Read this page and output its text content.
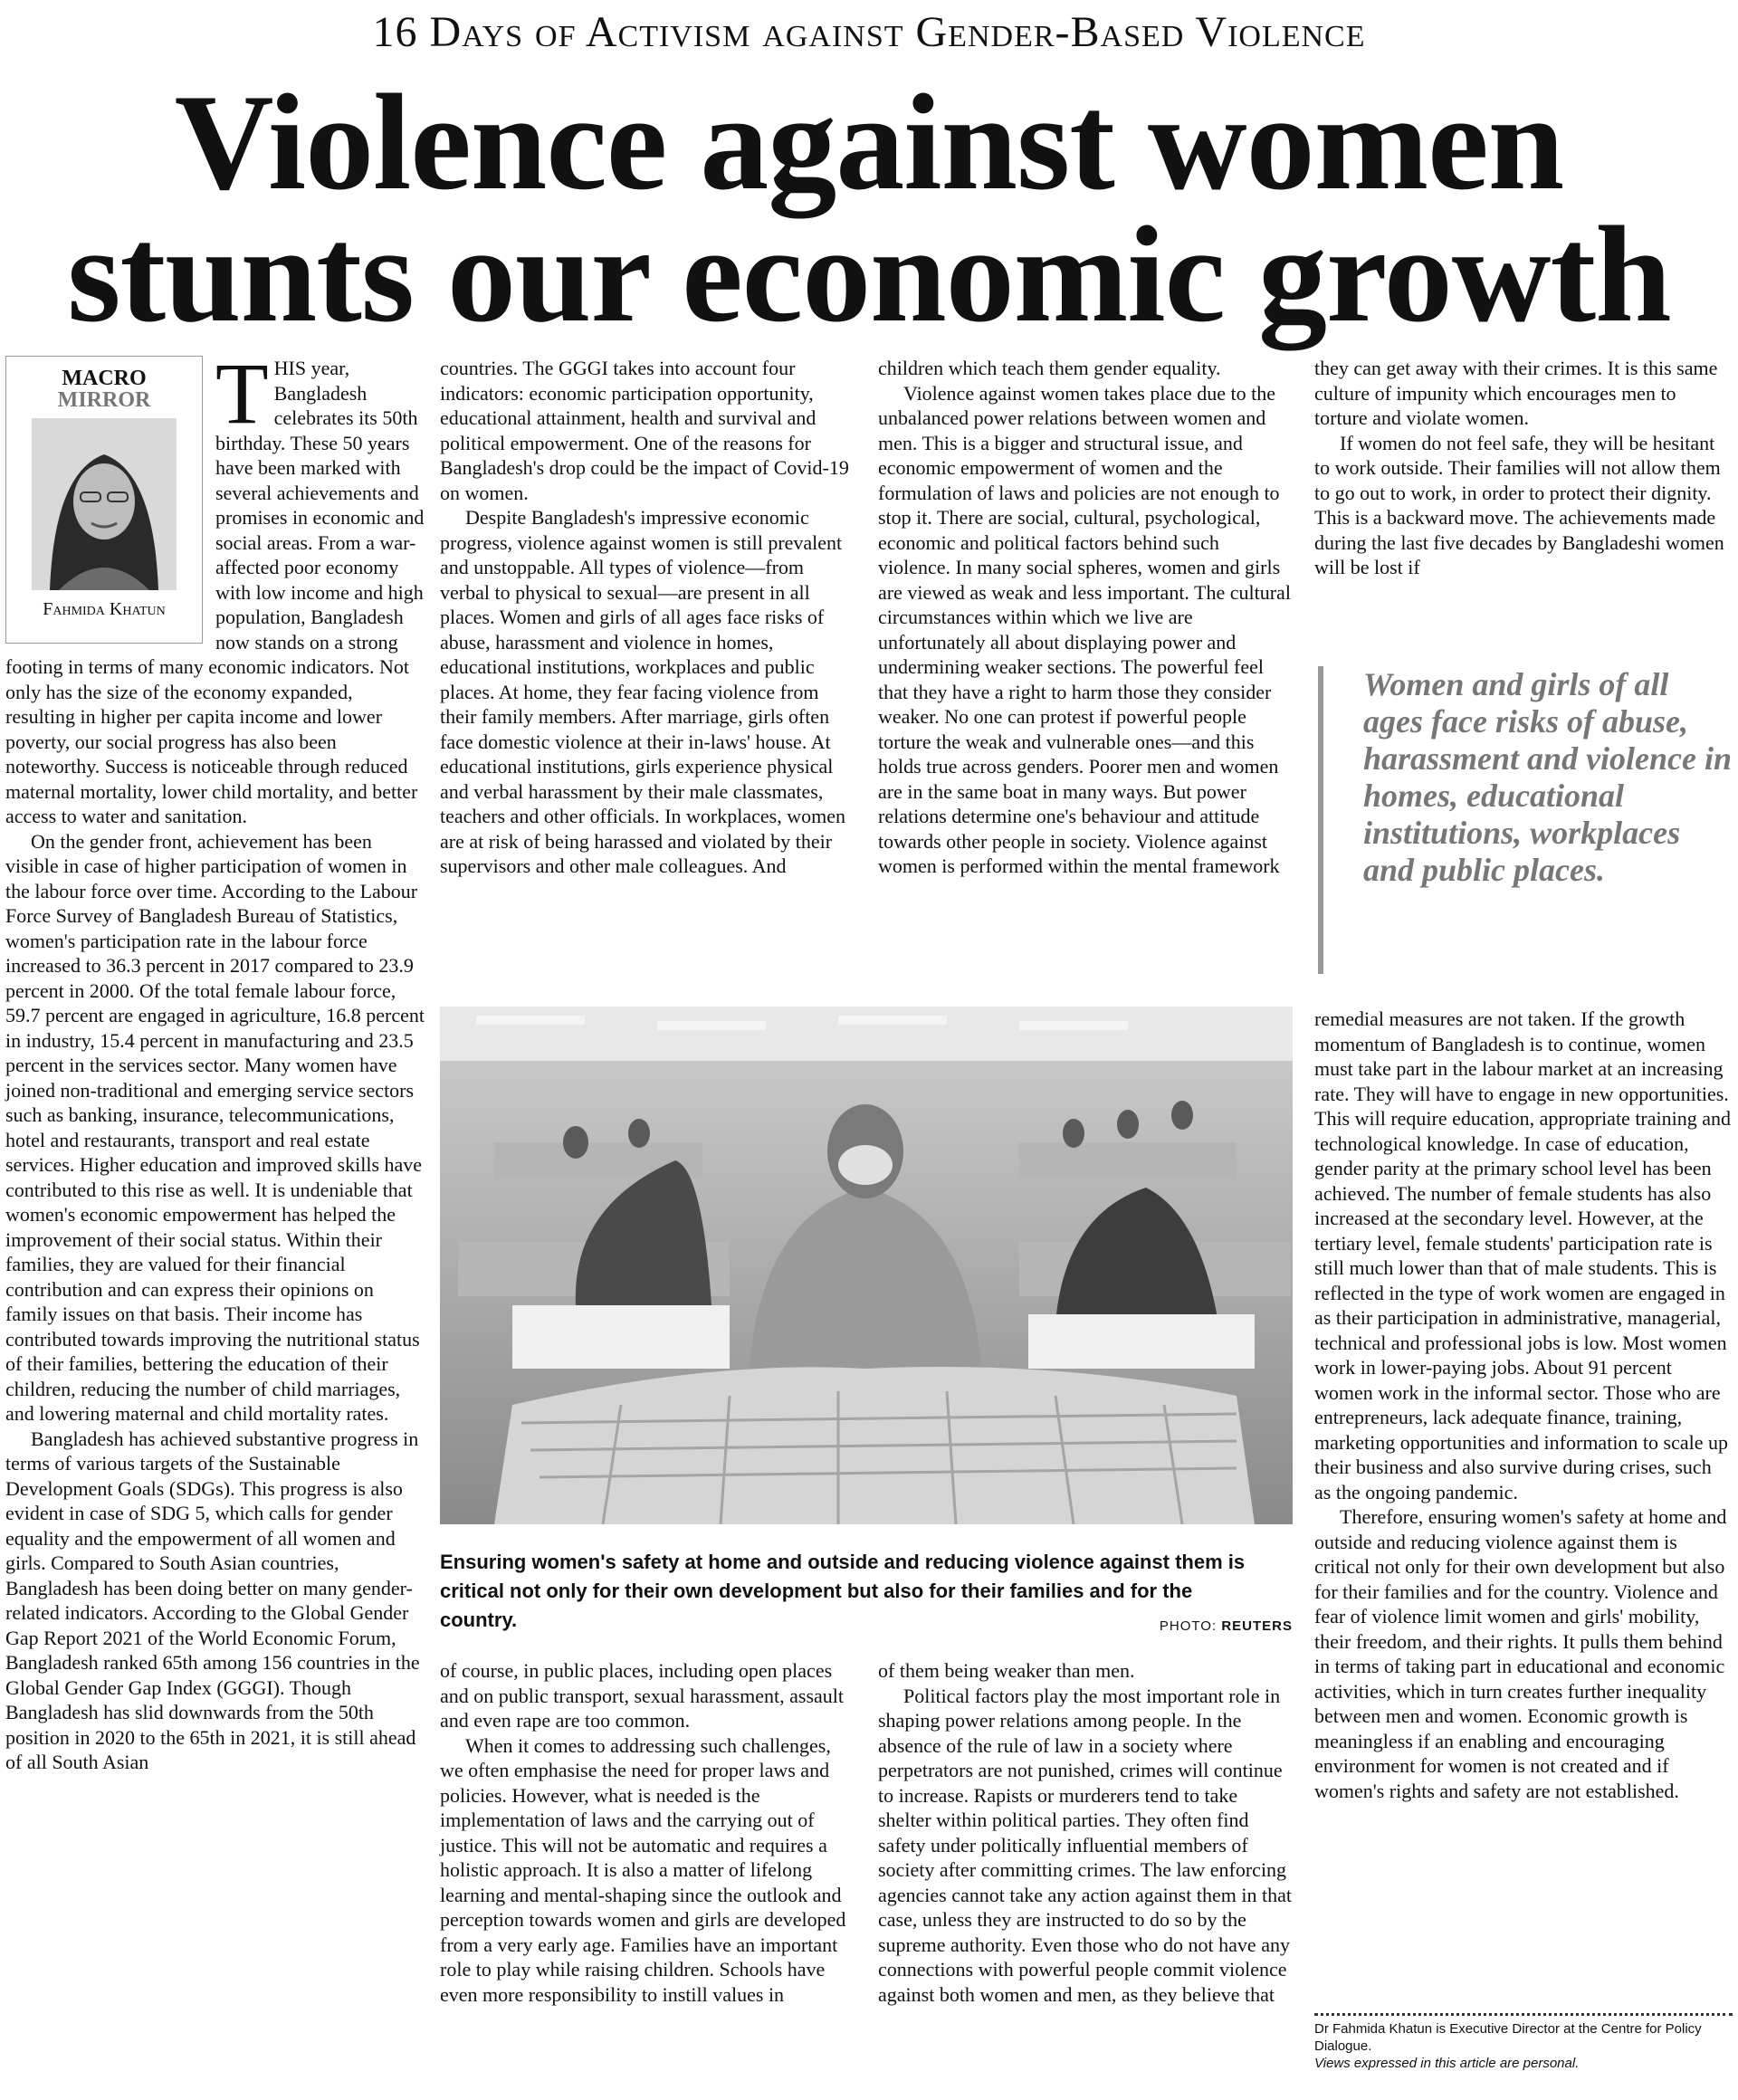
16 Days of Activism against Gender-Based Violence
Violence against women
stunts our economic growth
MACRO
MIRROR
Fahmida Khatun
T HIS year, Bangladesh celebrates its 50th birthday. These 50 years have been marked with several achievements and promises in economic and social areas. From a war-affected poor economy with low income and high population, Bangladesh now stands on a strong footing in terms of many economic indicators. Not only has the size of the economy expanded, resulting in higher per capita income and lower poverty, our social progress has also been noteworthy. Success is noticeable through reduced maternal mortality, lower child mortality, and better access to water and sanitation.

On the gender front, achievement has been visible in case of higher participation of women in the labour force over time. According to the Labour Force Survey of Bangladesh Bureau of Statistics, women's participation rate in the labour force increased to 36.3 percent in 2017 compared to 23.9 percent in 2000. Of the total female labour force, 59.7 percent are engaged in agriculture, 16.8 percent in industry, 15.4 percent in manufacturing and 23.5 percent in the services sector. Many women have joined non-traditional and emerging service sectors such as banking, insurance, telecommunications, hotel and restaurants, transport and real estate services. Higher education and improved skills have contributed to this rise as well. It is undeniable that women's economic empowerment has helped the improvement of their social status. Within their families, they are valued for their financial contribution and can express their opinions on family issues on that basis. Their income has contributed towards improving the nutritional status of their families, bettering the education of their children, reducing the number of child marriages, and lowering maternal and child mortality rates.

Bangladesh has achieved substantive progress in terms of various targets of the Sustainable Development Goals (SDGs). This progress is also evident in case of SDG 5, which calls for gender equality and the empowerment of all women and girls. Compared to South Asian countries, Bangladesh has been doing better on many gender-related indicators. According to the Global Gender Gap Report 2021 of the World Economic Forum, Bangladesh ranked 65th among 156 countries in the Global Gender Gap Index (GGGI). Though Bangladesh has slid downwards from the 50th position in 2020 to the 65th in 2021, it is still ahead of all South Asian

countries. The GGGI takes into account four indicators: economic participation opportunity, educational attainment, health and survival and political empowerment. One of the reasons for Bangladesh's drop could be the impact of Covid-19 on women.

Despite Bangladesh's impressive economic progress, violence against women is still prevalent and unstoppable. All types of violence—from verbal to physical to sexual—are present in all places. Women and girls of all ages face risks of abuse, harassment and violence in homes, educational institutions, workplaces and public places. At home, they fear facing violence from their family members. After marriage, girls often face domestic violence at their in-laws' house. At educational institutions, girls experience physical and verbal harassment by their male classmates, teachers and other officials. In workplaces, women are at risk of being harassed and violated by their supervisors and other male colleagues. And

children which teach them gender equality.

Violence against women takes place due to the unbalanced power relations between women and men. This is a bigger and structural issue, and economic empowerment of women and the formulation of laws and policies are not enough to stop it. There are social, cultural, psychological, economic and political factors behind such violence. In many social spheres, women and girls are viewed as weak and less important. The cultural circumstances within which we live are unfortunately all about displaying power and undermining weaker sections. The powerful feel that they have a right to harm those they consider weaker. No one can protest if powerful people torture the weak and vulnerable ones—and this holds true across genders. Poorer men and women are in the same boat in many ways. But power relations determine one's behaviour and attitude towards other people in society. Violence against women is performed within the mental framework

they can get away with their crimes. It is this same culture of impunity which encourages men to torture and violate women.

If women do not feel safe, they will be hesitant to work outside. Their families will not allow them to go out to work, in order to protect their dignity. This is a backward move. The achievements made during the last five decades by Bangladeshi women will be lost if

Women and girls of all ages face risks of abuse, harassment and violence in homes, educational institutions, workplaces and public places.
Ensuring women's safety at home and outside and reducing violence against them is critical not only for their own development but also for their families and for the country.	PHOTO: REUTERS

of course, in public places, including open places and on public transport, sexual harassment, assault and even rape are too common.

When it comes to addressing such challenges, we often emphasise the need for proper laws and policies. However, what is needed is the implementation of laws and the carrying out of justice. This will not be automatic and requires a holistic approach. It is also a matter of lifelong learning and mental-shaping since the outlook and perception towards women and girls are developed from a very early age. Families have an important role to play while raising children. Schools have even more responsibility to instill values in

of them being weaker than men.

Political factors play the most important role in shaping power relations among people. In the absence of the rule of law in a society where perpetrators are not punished, crimes will continue to increase. Rapists or murderers tend to take shelter within political parties. They often find safety under politically influential members of society after committing crimes. The law enforcing agencies cannot take any action against them in that case, unless they are instructed to do so by the supreme authority. Even those who do not have any connections with powerful people commit violence against both women and men, as they believe that

remedial measures are not taken. If the growth momentum of Bangladesh is to continue, women must take part in the labour market at an increasing rate. They will have to engage in new opportunities. This will require education, appropriate training and technological knowledge. In case of education, gender parity at the primary school level has been achieved. The number of female students has also increased at the secondary level. However, at the tertiary level, female students' participation rate is still much lower than that of male students. This is reflected in the type of work women are engaged in as their participation in administrative, managerial, technical and professional jobs is low. Most women work in lower-paying jobs. About 91 percent women work in the informal sector. Those who are entrepreneurs, lack adequate finance, training, marketing opportunities and information to scale up their business and also survive during crises, such as the ongoing pandemic.

Therefore, ensuring women's safety at home and outside and reducing violence against them is critical not only for their own development but also for their families and for the country. Violence and fear of violence limit women and girls' mobility, their freedom, and their rights. It pulls them behind in terms of taking part in educational and economic activities, which in turn creates further inequality between men and women. Economic growth is meaningless if an enabling and encouraging environment for women is not created and if women's rights and safety are not established.

Dr Fahmida Khatun is Executive Director at the Centre for Policy Dialogue.
Views expressed in this article are personal.
